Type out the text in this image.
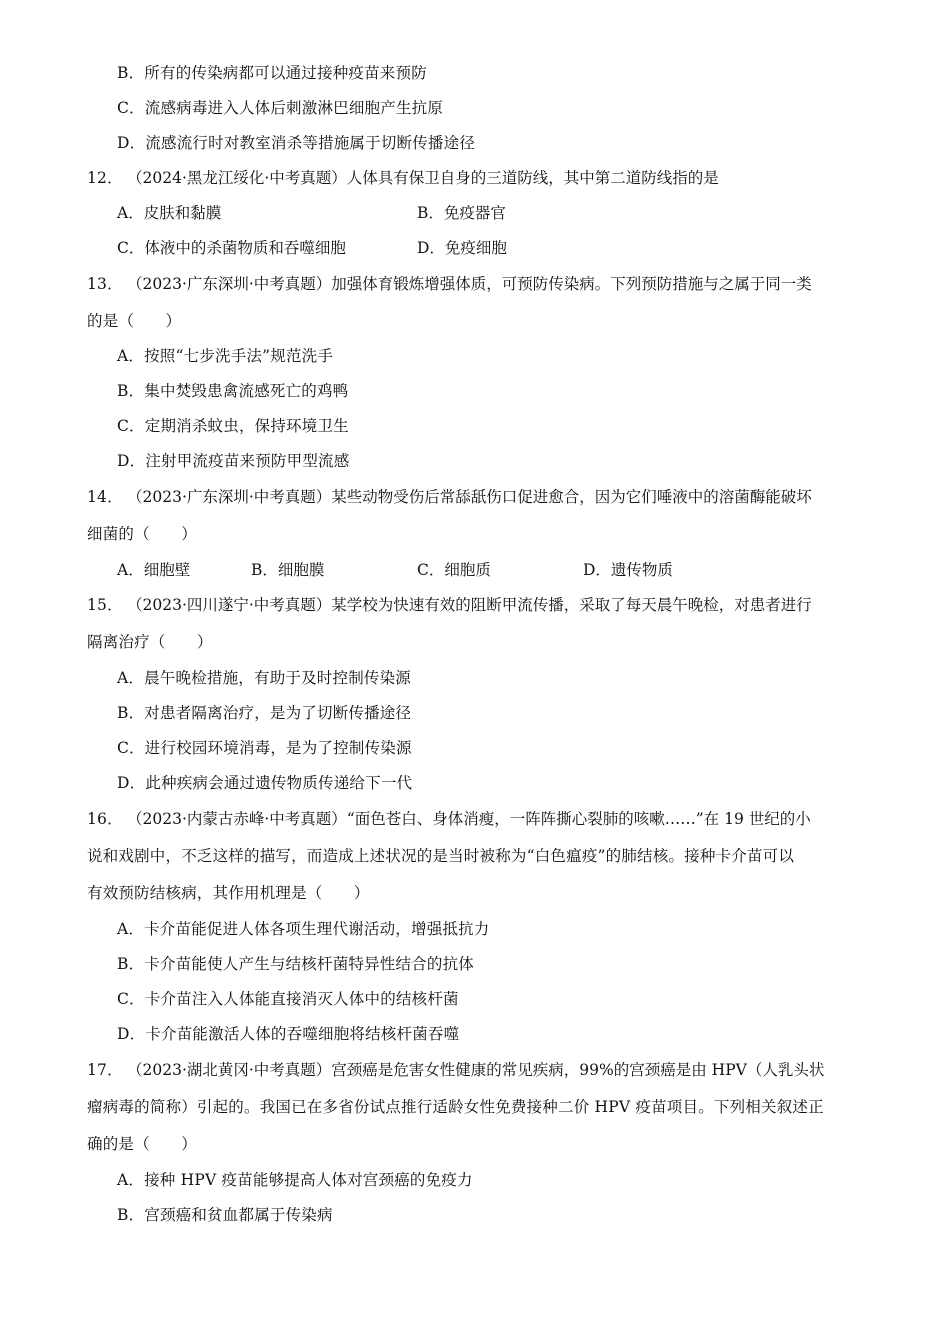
B．所有的传染病都可以通过接种疫苗来预防
C．流感病毒进入人体后刺激淋巴细胞产生抗原
D．流感流行时对教室消杀等措施属于切断传播途径
12． （2024·黑龙江绥化·中考真题）人体具有保卫自身的三道防线，其中第二道防线指的是
A．皮肤和黏膜	B．免疫器官
C．体液中的杀菌物质和吞噬细胞	D．免疫细胞
13． （2023·广东深圳·中考真题）加强体育锻炼增强体质，可预防传染病。下列预防措施与之属于同一类
的是（　　）
A．按照“七步洗手法”规范洗手
B．集中焚毁患禽流感死亡的鸡鸭
C．定期消杀蚊虫，保持环境卫生
D．注射甲流疫苗来预防甲型流感
14． （2023·广东深圳·中考真题）某些动物受伤后常舔舐伤口促进愈合，因为它们唾液中的溶菌酶能破坏
细菌的（　　）
A．细胞壁	B．细胞膜	C．细胞质	D．遗传物质
15． （2023·四川遂宁·中考真题）某学校为快速有效的阻断甲流传播，采取了每天晨午晚检，对患者进行
隔离治疗（　　）
A．晨午晚检措施，有助于及时控制传染源
B．对患者隔离治疗，是为了切断传播途径
C．进行校园环境消毒，是为了控制传染源
D．此种疾病会通过遗传物质传递给下一代
16． （2023·内蒙古赤峰·中考真题）“面色苍白、身体消瘦，一阵阵撕心裂肺的咳嗽……”在 19 世纪的小
说和戏剧中，不乏这样的描写，而造成上述状况的是当时被称为“白色瘟疫”的肺结核。接种卡介苗可以
有效预防结核病，其作用机理是（　　）
A．卡介苗能促进人体各项生理代谢活动，增强抵抗力
B．卡介苗能使人产生与结核杆菌特异性结合的抗体
C．卡介苗注入人体能直接消灭人体中的结核杆菌
D．卡介苗能激活人体的吞噬细胞将结核杆菌吞噬
17． （2023·湖北黄冈·中考真题）宫颈癌是危害女性健康的常见疾病，99%的宫颈癌是由 HPV（人乳头状
瘤病毒的简称）引起的。我国已在多省份试点推行适龄女性免费接种二价 HPV 疫苗项目。下列相关叙述正
确的是（　　）
A．接种 HPV 疫苗能够提高人体对宫颈癌的免疫力
B．宫颈癌和贫血都属于传染病
